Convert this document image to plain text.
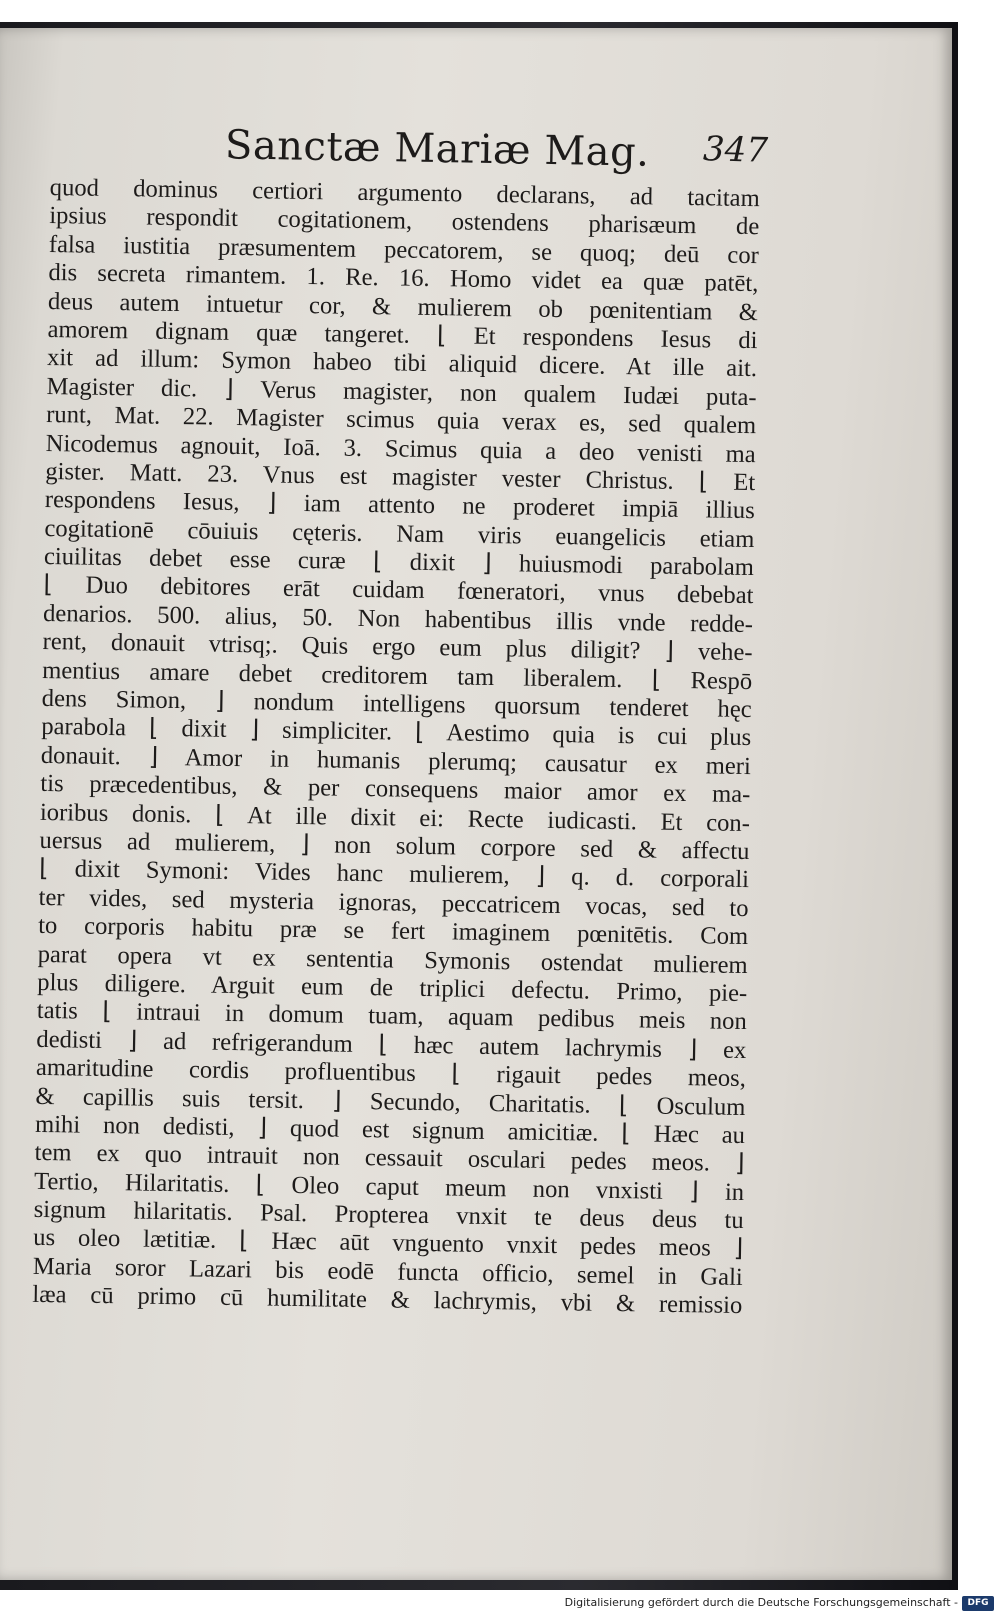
Sanctæ Mariæ Mag. 347
quod dominus certiori argumento declarans, ad tacitam
ipsius respondit cogitationem, ostendens pharisæum de
falsa iustitia præsumentem peccatorem, se quoq; deū cor
dis secreta rimantem. 1. Re. 16. Homo videt ea quæ patēt,
deus autem intuetur cor, & mulierem ob pœnitentiam &
amorem dignam quæ tangeret. ⌊ Et respondens Iesus di
xit ad illum: Symon habeo tibi aliquid dicere. At ille ait.
Magister dic. ⌋ Verus magister, non qualem Iudæi puta-
runt, Mat. 22. Magister scimus quia verax es, sed qualem
Nicodemus agnouit, Ioā. 3. Scimus quia a deo venisti ma
gister. Matt. 23. Vnus est magister vester Christus. ⌊ Et
respondens Iesus, ⌋ iam attento ne proderet impiā illius
cogitationē cōuiuis cęteris. Nam viris euangelicis etiam
ciuilitas debet esse curæ ⌊ dixit ⌋ huiusmodi parabolam
⌊ Duo debitores erāt cuidam fœneratori, vnus debebat
denarios. 500. alius, 50. Non habentibus illis vnde redde-
rent, donauit vtrisq;. Quis ergo eum plus diligit? ⌋ vehe-
mentius amare debet creditorem tam liberalem. ⌊ Respō
dens Simon, ⌋ nondum intelligens quorsum tenderet hęc
parabola ⌊ dixit ⌋ simpliciter. ⌊ Aestimo quia is cui plus
donauit. ⌋ Amor in humanis plerumq; causatur ex meri
tis præcedentibus, & per consequens maior amor ex ma-
ioribus donis. ⌊ At ille dixit ei: Recte iudicasti. Et con-
uersus ad mulierem, ⌋ non solum corpore sed & affectu
⌊ dixit Symoni: Vides hanc mulierem, ⌋ q. d. corporali
ter vides, sed mysteria ignoras, peccatricem vocas, sed to
to corporis habitu præ se fert imaginem pœnitētis. Com
parat opera vt ex sententia Symonis ostendat mulierem
plus diligere. Arguit eum de triplici defectu. Primo, pie-
tatis ⌊ intraui in domum tuam, aquam pedibus meis non
dedisti ⌋ ad refrigerandum ⌊ hæc autem lachrymis ⌋ ex
amaritudine cordis profluentibus ⌊ rigauit pedes meos,
& capillis suis tersit. ⌋ Secundo, Charitatis. ⌊ Osculum
mihi non dedisti, ⌋ quod est signum amicitiæ. ⌊ Hæc au
tem ex quo intrauit non cessauit osculari pedes meos. ⌋
Tertio, Hilaritatis. ⌊ Oleo caput meum non vnxisti ⌋ in
signum hilaritatis. Psal. Propterea vnxit te deus deus tu
us oleo lætitiæ. ⌊ Hæc aūt vnguento vnxit pedes meos ⌋
Maria soror Lazari bis eodē functa officio, semel in Gali
læa cū primo cū humilitate & lachrymis, vbi & remissio
Digitalisierung gefördert durch die Deutsche Forschungsgemeinschaft -	DFG
